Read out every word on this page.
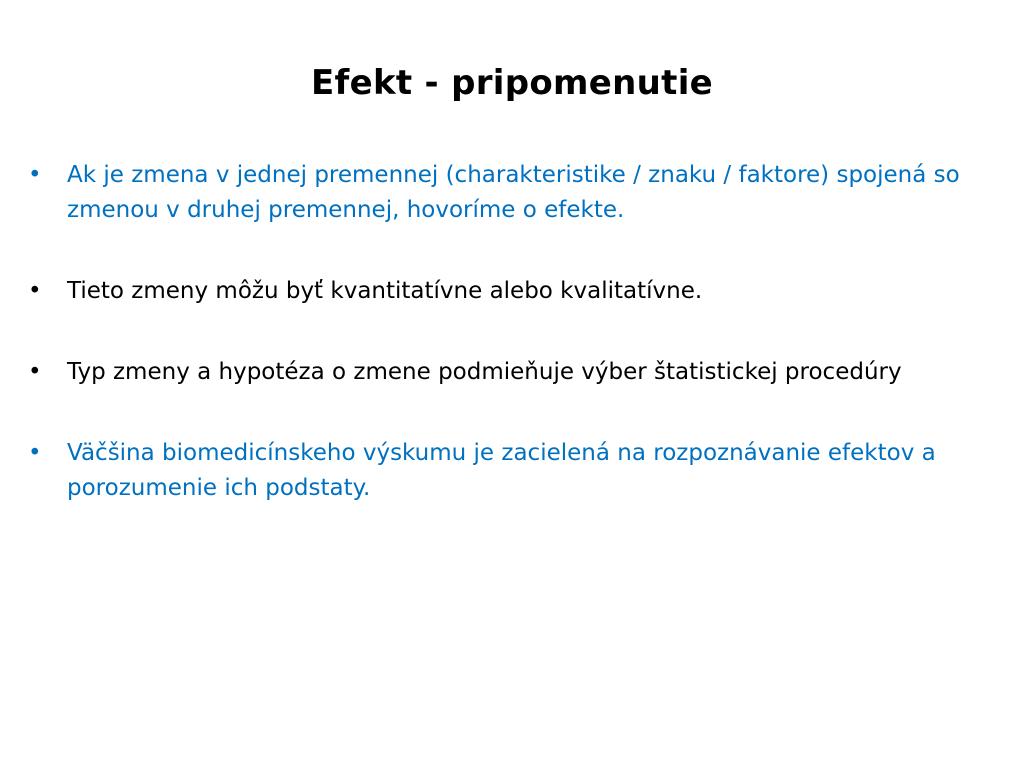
Efekt - pripomenutie
• Ak je zmena v jednej premennej (charakteristike / znaku / faktore) spojená so zmenou v druhej premennej, hovoríme o efekte.
• Tieto zmeny môžu byť kvantitatívne alebo kvalitatívne.
• Typ zmeny a hypotéza o zmene podmieňuje výber štatistickej procedúry
• Väčšina biomedicínskeho výskumu je zacielená na rozpoznávanie efektov a porozumenie ich podstaty.
